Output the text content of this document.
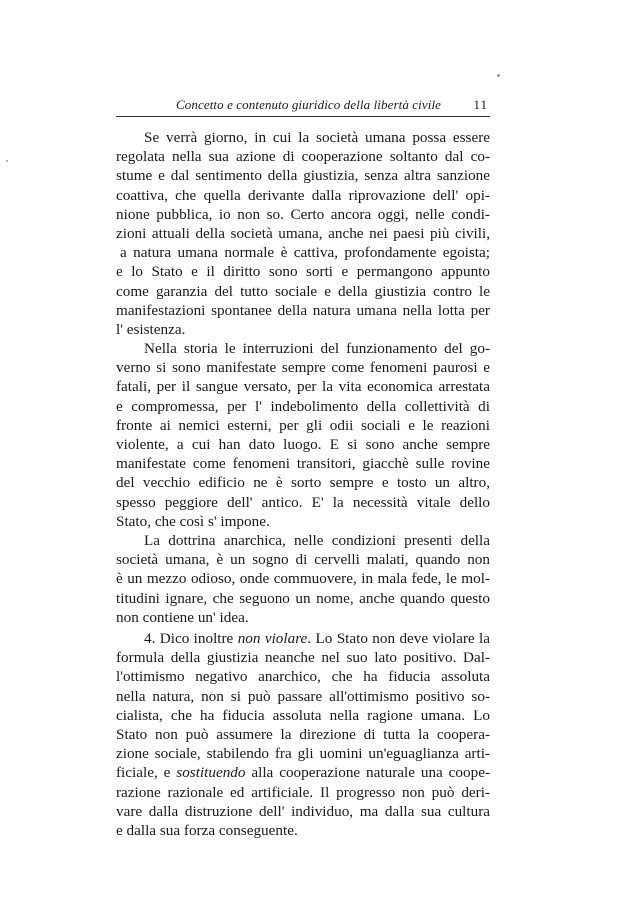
Concetto e contenuto giuridico della libertà civile 11
Se verrà giorno, in cui la società umana possa essere
regolata nella sua azione di cooperazione soltanto dal co-
stume e dal sentimento della giustizia, senza altra sanzione
coattiva, che quella derivante dalla riprovazione dell' opi-
nione pubblica, io non so. Certo ancora oggi, nelle condi-
zioni attuali della società umana, anche nei paesi più civili,
a natura umana normale è cattiva, profondamente egoista;
e lo Stato e il diritto sono sorti e permangono appunto
come garanzia del tutto sociale e della giustizia contro le
manifestazioni spontanee della natura umana nella lotta per
l' esistenza.
Nella storia le interruzioni del funzionamento del go-
verno si sono manifestate sempre come fenomeni paurosi e
fatali, per il sangue versato, per la vita economica arrestata
e compromessa, per l' indebolimento della collettività di
fronte ai nemici esterni, per gli odii sociali e le reazioni
violente, a cui han dato luogo. E si sono anche sempre
manifestate come fenomeni transitori, giacchè sulle rovine
del vecchio edificio ne è sorto sempre e tosto un altro,
spesso peggiore dell' antico. E' la necessità vitale dello
Stato, che così s' impone.
La dottrina anarchica, nelle condizioni presenti della
società umana, è un sogno di cervelli malati, quando non
è un mezzo odioso, onde commuovere, in mala fede, le mol-
titudini ignare, che seguono un nome, anche quando questo
non contiene un' idea.
4. Dico inoltre non violare. Lo Stato non deve violare la
formula della giustizia neanche nel suo lato positivo. Dal-
l'ottimismo negativo anarchico, che ha fiducia assoluta
nella natura, non si può passare all'ottimismo positivo so-
cialista, che ha fiducia assoluta nella ragione umana. Lo
Stato non può assumere la direzione di tutta la coopera-
zione sociale, stabilendo fra gli uomini un'eguaglianza arti-
ficiale, e sostituendo alla cooperazione naturale una coope-
razione razionale ed artificiale. Il progresso non può deri-
vare dalla distruzione dell' individuo, ma dalla sua cultura
e dalla sua forza conseguente.
